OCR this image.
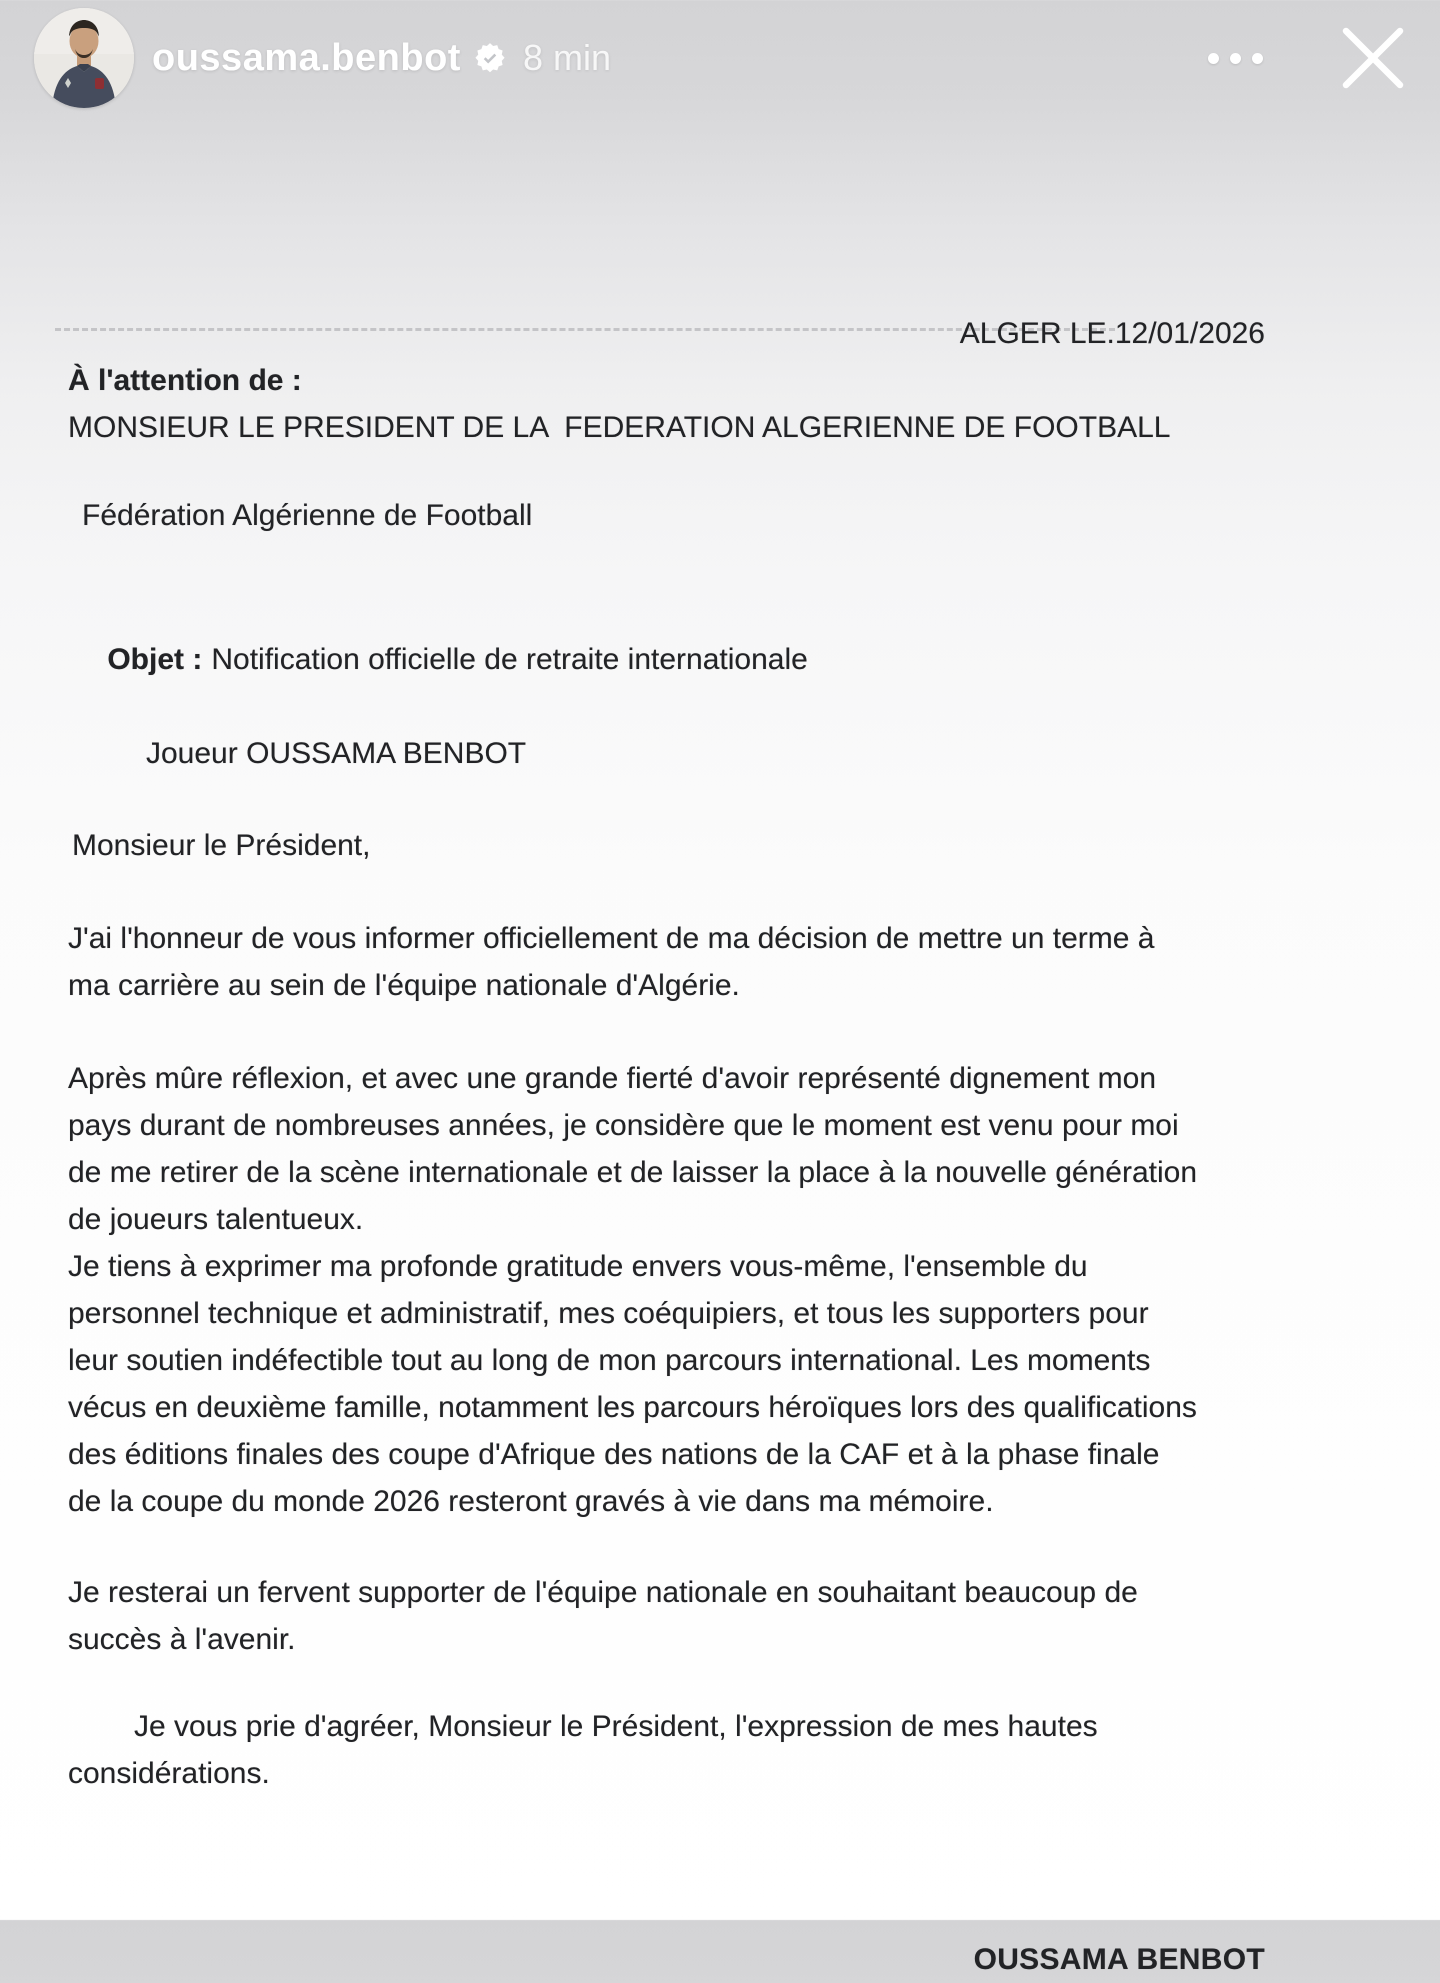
oussama.benbot 8 min
ALGER LE.12/01/2026
À l'attention de :
MONSIEUR LE PRESIDENT DE LA  FEDERATION ALGERIENNE DE FOOTBALL
Fédération Algérienne de Football

Objet : Notification officielle de retraite internationale

Joueur OUSSAMA BENBOT
Monsieur le Président,
J'ai l'honneur de vous informer officiellement de ma décision de mettre un terme à
ma carrière au sein de l'équipe nationale d'Algérie.
Après mûre réflexion, et avec une grande fierté d'avoir représenté dignement mon
pays durant de nombreuses années, je considère que le moment est venu pour moi
de me retirer de la scène internationale et de laisser la place à la nouvelle génération
de joueurs talentueux.
Je tiens à exprimer ma profonde gratitude envers vous-même, l'ensemble du
personnel technique et administratif, mes coéquipiers, et tous les supporters pour
leur soutien indéfectible tout au long de mon parcours international. Les moments
vécus en deuxième famille, notamment les parcours héroïques lors des qualifications
des éditions finales des coupe d'Afrique des nations de la CAF et à la phase finale
de la coupe du monde 2026 resteront gravés à vie dans ma mémoire.
Je resterai un fervent supporter de l'équipe nationale en souhaitant beaucoup de
succès à l'avenir.
Je vous prie d'agréer, Monsieur le Président, l'expression de mes hautes
considérations.
OUSSAMA BENBOT
